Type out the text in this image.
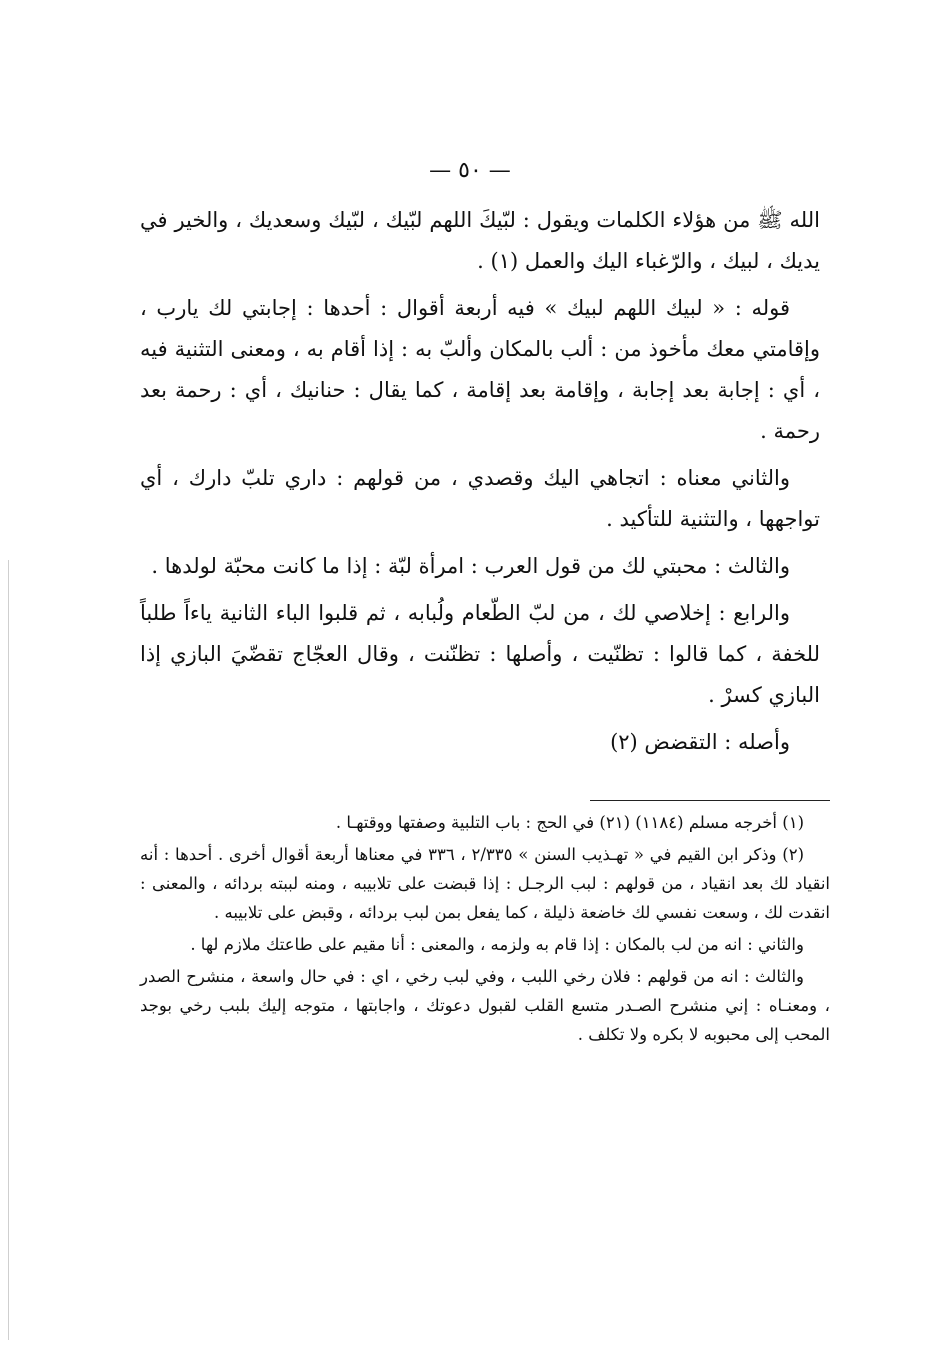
— ٥٠ —

الله ﷺ من هؤلاء الكلمات ويقول : لبّيكَ اللهم لبّيك ، لبّيك وسعديك ، والخير في يديك ، لبيك ، والرّغباء اليك والعمل (١) .

قوله : « لبيك اللهم لبيك » فيه أربعة أقوال : أحدها : إجابتي لك يارب ، وإقامتي معك مأخوذ من : ألب بالمكان وألبّ به : إذا أقام به ، ومعنى التثنية فيه ، أي : إجابة بعد إجابة ، وإقامة بعد إقامة ، كما يقال : حنانيك ، أي : رحمة بعد رحمة .

والثاني معناه : اتجاهي اليك وقصدي ، من قولهم : داري تلبّ دارك ، أي تواجهها ، والتثنية للتأكيد .

والثالث : محبتي لك من قول العرب : امرأة لبّة : إذا ما كانت محبّة لولدها .

والرابع : إخلاصي لك ، من لبّ الطّعام ولُبابه ، ثم قلبوا الباء الثانية ياءاً طلباً للخفة ، كما قالوا : تظنّيت ، وأصلها : تظنّنت ، وقال العجّاج تقضّيَ البازي إذا البازي كسرْ .

وأصله : التقضض (٢)

(١) أخرجه مسلم (١١٨٤) (٢١) في الحج : باب التلبية وصفتها ووقتهـا .

(٢) وذكر ابن القيم في « تهـذيب السنن » ٢/٣٣٥ ، ٣٣٦ في معناها أربعة أقوال أخرى . أحدها : أنه انقياد لك بعد انقياد ، من قولهم : لبب الرجـل : إذا قبضت على تلابيبه ، ومنه لببته بردائه ، والمعنى : انقدت لك ، وسعت نفسي لك خاضعة ذليلة ، كما يفعل بمن لبب بردائه ، وقبض على تلابيبه .

والثاني : انه من لب بالمكان : إذا قام به ولزمه ، والمعنى : أنا مقيم على طاعتك ملازم لها .

والثالث : انه من قولهم : فلان رخي اللبب ، وفي لبب رخي ، اي : في حال واسعة ، منشرح الصدر ، ومعنـاه : إني منشرح الصـدر متسع القلب لقبول دعوتك ، واجابتها ، متوجه إليك بلبب رخي بوجد المحب إلى محبوبه لا بكره ولا تكلف .
